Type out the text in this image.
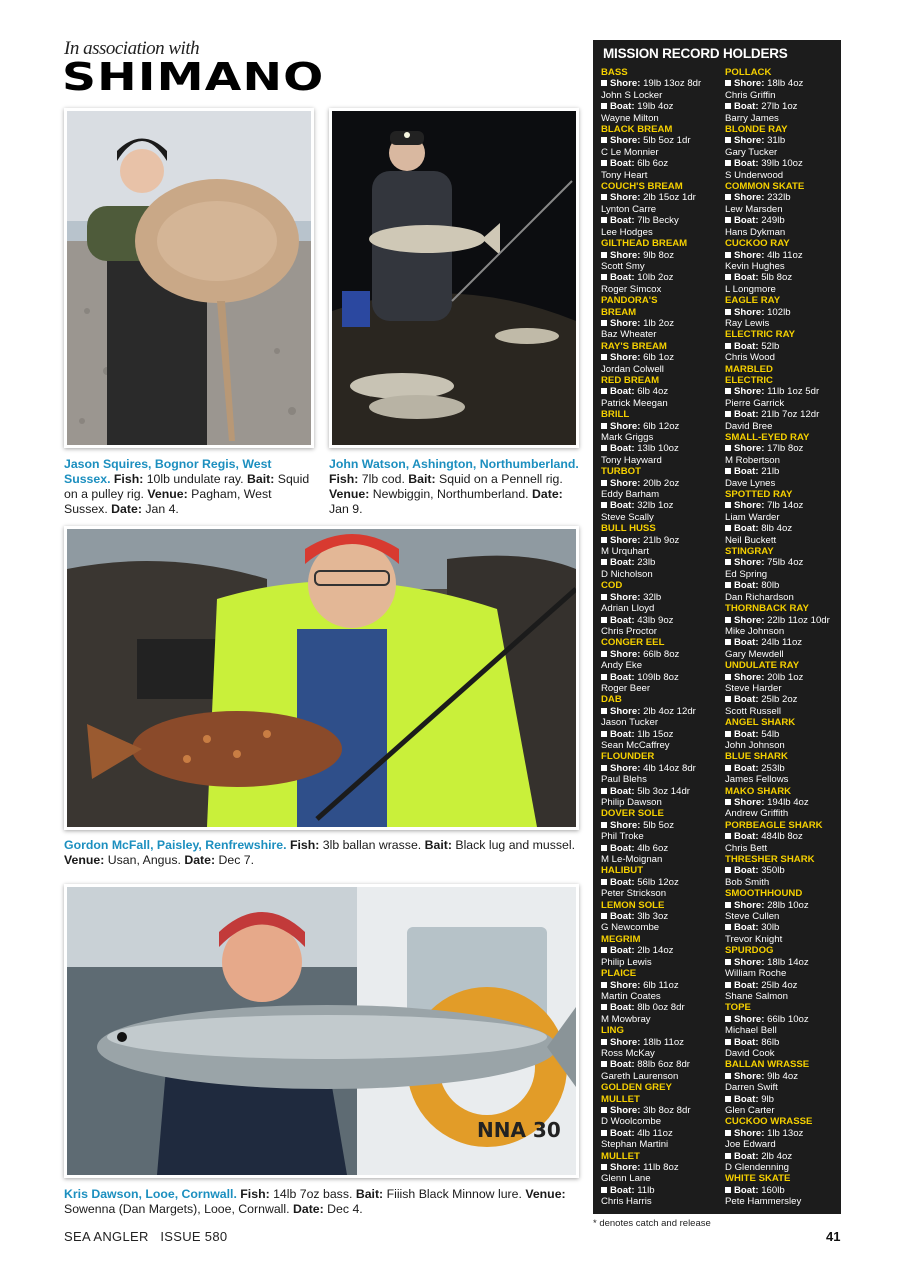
In association with
SHIMANO
Jason Squires, Bognor Regis, West Sussex. Fish: 10lb undulate ray. Bait: Squid on a pulley rig. Venue: Pagham, West Sussex. Date: Jan 4.
John Watson, Ashington, Northumberland. Fish: 7lb cod. Bait: Squid on a Pennell rig. Venue: Newbiggin, Northumberland. Date: Jan 9.
Gordon McFall, Paisley, Renfrewshire. Fish: 3lb ballan wrasse. Bait: Black lug and mussel. Venue: Usan, Angus. Date: Dec 7.
NNA 30
Kris Dawson, Looe, Cornwall. Fish: 14lb 7oz bass. Bait: Fiiish Black Minnow lure. Venue: Sowenna (Dan Margets), Looe, Cornwall. Date: Dec 4.
MISSION RECORD HOLDERS
BASS
Shore: 19lb 13oz 8dr
John S Locker
Boat: 19lb 4oz
Wayne Milton
BLACK BREAM
Shore: 5lb 5oz 1dr
C Le Monnier
Boat: 6lb 6oz
Tony Heart
COUCH'S BREAM
Shore: 2lb 15oz 1dr
Lynton Carre
Boat: 7lb Becky
Lee Hodges
GILTHEAD BREAM
Shore: 9lb 8oz
Scott Smy
Boat: 10lb 2oz
Roger Simcox
PANDORA'S
BREAM
Shore: 1lb 2oz
Baz Wheater
RAY'S BREAM
Shore: 6lb 1oz
Jordan Colwell
RED BREAM
Boat: 6lb 4oz
Patrick Meegan
BRILL
Shore: 6lb 12oz
Mark Griggs
Boat: 13lb 10oz
Tony Hayward
TURBOT
Shore: 20lb 2oz
Eddy Barham
Boat: 32lb 1oz
Steve Scally
BULL HUSS
Shore: 21lb 9oz
M Urquhart
Boat: 23lb
D Nicholson
COD
Shore: 32lb
Adrian Lloyd
Boat: 43lb 9oz
Chris Proctor
CONGER EEL
Shore: 66lb 8oz
Andy Eke
Boat: 109lb 8oz
Roger Beer
DAB
Shore: 2lb 4oz 12dr
Jason Tucker
Boat: 1lb 15oz
Sean McCaffrey
FLOUNDER
Shore: 4lb 14oz 8dr
Paul Blehs
Boat: 5lb 3oz 14dr
Philip Dawson
DOVER SOLE
Shore: 5lb 5oz
Phil Troke
Boat: 4lb 6oz
M Le-Moignan
HALIBUT
Boat: 56lb 12oz
Peter Strickson
LEMON SOLE
Boat: 3lb 3oz
G Newcombe
MEGRIM
Boat: 2lb 14oz
Philip Lewis
PLAICE
Shore: 6lb 11oz
Martin Coates
Boat: 8lb 0oz 8dr
M Mowbray
LING
Shore: 18lb 11oz
Ross McKay
Boat: 88lb 6oz 8dr
Gareth Laurenson
GOLDEN GREY
MULLET
Shore: 3lb 8oz 8dr
D Woolcombe
Boat: 4lb 11oz
Stephan Martini
MULLET
Shore: 11lb 8oz
Glenn Lane
Boat: 11lb
Chris Harris
POLLACK
Shore: 18lb 4oz
Chris Griffin
Boat: 27lb 1oz
Barry James
BLONDE RAY
Shore: 31lb
Gary Tucker
Boat: 39lb 10oz
S Underwood
COMMON SKATE
Shore: 232lb
Lew Marsden
Boat: 249lb
Hans Dykman
CUCKOO RAY
Shore: 4lb 11oz
Kevin Hughes
Boat: 5lb 8oz
L Longmore
EAGLE RAY
Shore: 102lb
Ray Lewis
ELECTRIC RAY
Boat: 52lb
Chris Wood
MARBLED
ELECTRIC
Shore: 11lb 1oz 5dr
Pierre Garrick
Boat: 21lb 7oz 12dr
David Bree
SMALL-EYED RAY
Shore: 17lb 8oz
M Robertson
Boat: 21lb
Dave Lynes
SPOTTED RAY
Shore: 7lb 14oz
Liam Warder
Boat: 8lb 4oz
Neil Buckett
STINGRAY
Shore: 75lb 4oz
Ed Spring
Boat: 80lb
Dan Richardson
THORNBACK RAY
Shore: 22lb 11oz 10dr
Mike Johnson
Boat: 24lb 11oz
Gary Mewdell
UNDULATE RAY
Shore: 20lb 1oz
Steve Harder
Boat: 25lb 2oz
Scott Russell
ANGEL SHARK
Boat: 54lb
John Johnson
BLUE SHARK
Boat: 253lb
James Fellows
MAKO SHARK
Shore: 194lb 4oz
Andrew Griffith
PORBEAGLE SHARK
Boat: 484lb 8oz
Chris Bett
THRESHER SHARK
Boat: 350lb
Bob Smith
SMOOTHHOUND
Shore: 28lb 10oz
Steve Cullen
Boat: 30lb
Trevor Knight
SPURDOG
Shore: 18lb 14oz
William Roche
Boat: 25lb 4oz
Shane Salmon
TOPE
Shore: 66lb 10oz
Michael Bell
Boat: 86lb
David Cook
BALLAN WRASSE
Shore: 9lb 4oz
Darren Swift
Boat: 9lb
Glen Carter
CUCKOO WRASSE
Shore: 1lb 13oz
Joe Edward
Boat: 2lb 4oz
D Glendenning
WHITE SKATE
Boat: 160lb
Pete Hammersley
* denotes catch and release
SEA ANGLER   ISSUE 580	41
